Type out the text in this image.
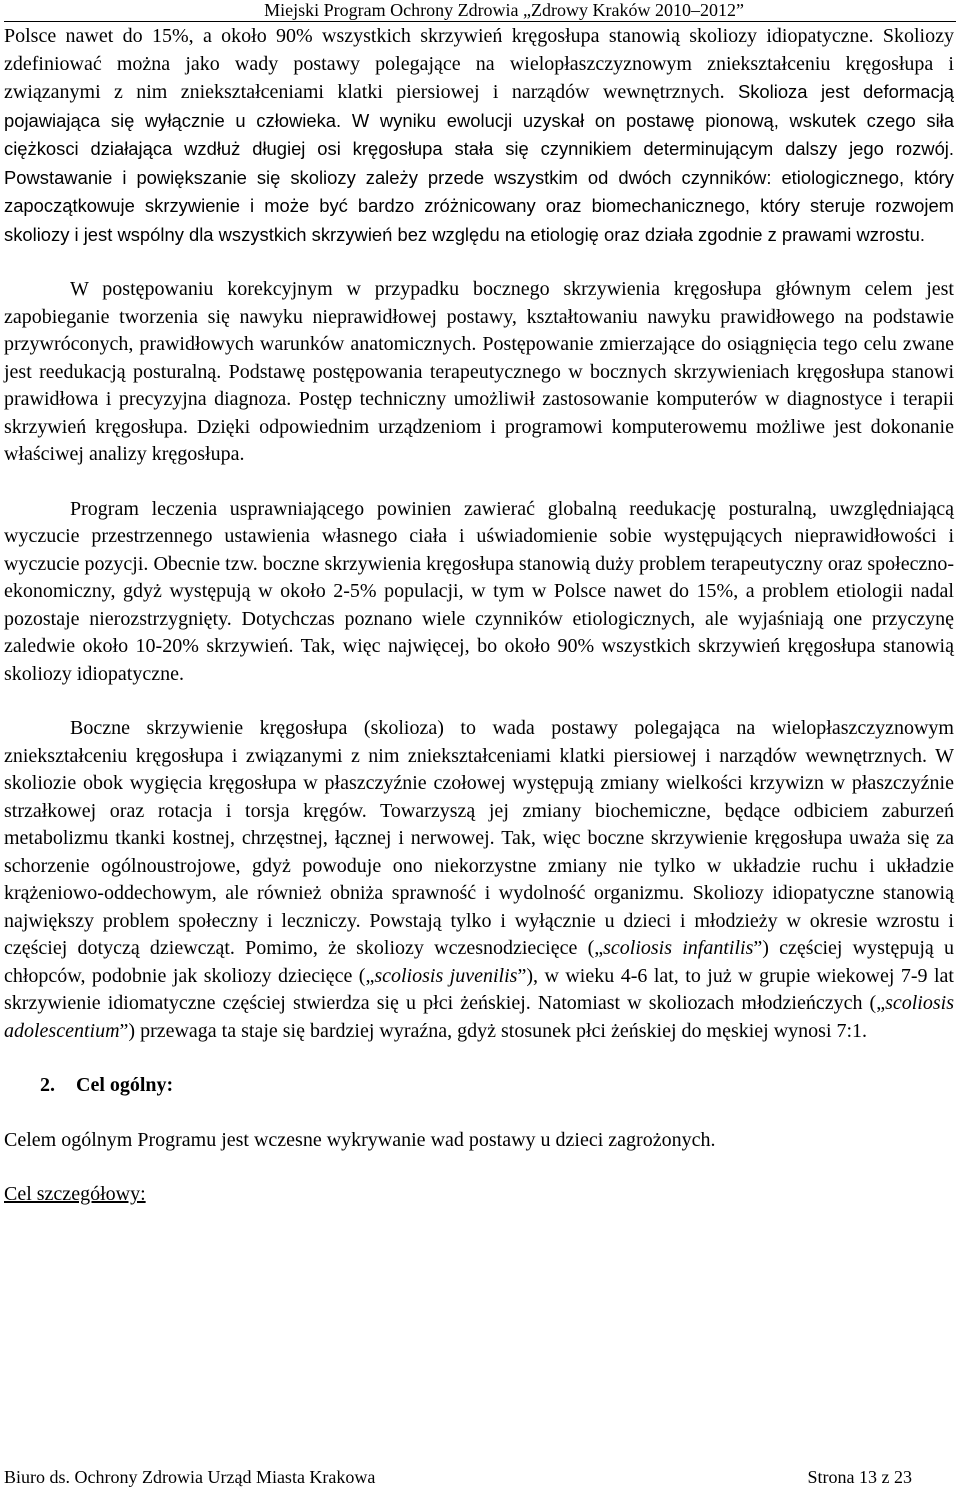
Miejski Program Ochrony Zdrowia „Zdrowy Kraków 2010–2012”

Polsce nawet do 15%, a około 90% wszystkich skrzywień kręgosłupa stanowią skoliozy idiopatyczne. Skoliozy zdefiniować można jako wady postawy polegające na wielopłaszczyznowym zniekształceniu kręgosłupa i związanymi z nim zniekształceniami klatki piersiowej i narządów wewnętrznych. Skolioza jest deformacją pojawiająca się wyłącznie u człowieka. W wyniku ewolucji uzyskał on postawę pionową, wskutek czego siła ciężkosci działająca wzdłuż długiej osi kręgosłupa stała się czynnikiem determinującym dalszy jego rozwój. Powstawanie i powiększanie się skoliozy zależy przede wszystkim od dwóch czynników: etiologicznego, który zapoczątkowuje skrzywienie i może być bardzo zróżnicowany oraz biomechanicznego, który steruje rozwojem skoliozy i jest wspólny dla wszystkich skrzywień bez względu na etiologię oraz działa zgodnie z prawami wzrostu.

W postępowaniu korekcyjnym w przypadku bocznego skrzywienia kręgosłupa głównym celem jest zapobieganie tworzenia się nawyku nieprawidłowej postawy, kształtowaniu nawyku prawidłowego na podstawie przywróconych, prawidłowych warunków anatomicznych. Postępowanie zmierzające do osiągnięcia tego celu zwane jest reedukacją posturalną. Podstawę postępowania terapeutycznego w bocznych skrzywieniach kręgosłupa stanowi prawidłowa i precyzyjna diagnoza. Postęp techniczny umożliwił zastosowanie komputerów w diagnostyce i terapii skrzywień kręgosłupa. Dzięki odpowiednim urządzeniom i programowi komputerowemu możliwe jest dokonanie właściwej analizy kręgosłupa.

Program leczenia usprawniającego powinien zawierać globalną reedukację posturalną, uwzględniającą wyczucie przestrzennego ustawienia własnego ciała i uświadomienie sobie występujących nieprawidłowości i wyczucie pozycji. Obecnie tzw. boczne skrzywienia kręgosłupa stanowią duży problem terapeutyczny oraz społeczno-ekonomiczny, gdyż występują w około 2-5% populacji, w tym w Polsce nawet do 15%, a problem etiologii nadal pozostaje nierozstrzygnięty. Dotychczas poznano wiele czynników etiologicznych, ale wyjaśniają one przyczynę zaledwie około 10-20% skrzywień. Tak, więc najwięcej, bo około 90% wszystkich skrzywień kręgosłupa stanowią skoliozy idiopatyczne.

Boczne skrzywienie kręgosłupa (skolioza) to wada postawy polegająca na wielopłaszczyznowym zniekształceniu kręgosłupa i związanymi z nim zniekształceniami klatki piersiowej i narządów wewnętrznych. W skoliozie obok wygięcia kręgosłupa w płaszczyźnie czołowej występują zmiany wielkości krzywizn w płaszczyźnie strzałkowej oraz rotacja i torsja kręgów. Towarzyszą jej zmiany biochemiczne, będące odbiciem zaburzeń metabolizmu tkanki kostnej, chrzęstnej, łącznej i nerwowej. Tak, więc boczne skrzywienie kręgosłupa uważa się za schorzenie ogólnoustrojowe, gdyż powoduje ono niekorzystne zmiany nie tylko w układzie ruchu i układzie krążeniowo-oddechowym, ale również obniża sprawność i wydolność organizmu. Skoliozy idiopatyczne stanowią największy problem społeczny i leczniczy. Powstają tylko i wyłącznie u dzieci i młodzieży w okresie wzrostu i częściej dotyczą dziewcząt. Pomimo, że skoliozy wczesnodziecięce („scoliosis infantilis”) częściej występują u chłopców, podobnie jak skoliozy dziecięce („scoliosis juvenilis”), w wieku 4-6 lat, to już w grupie wiekowej 7-9 lat skrzywienie idiomatyczne częściej stwierdza się u płci żeńskiej. Natomiast w skoliozach młodzieńczych („scoliosis adolescentium”) przewaga ta staje się bardziej wyraźna, gdyż stosunek płci żeńskiej do męskiej wynosi 7:1.

2. Cel ogólny:

Celem ogólnym Programu jest wczesne wykrywanie wad postawy u dzieci zagrożonych.

Cel szczegółowy:

Biuro ds. Ochrony Zdrowia Urząd Miasta Krakowa	Strona 13 z 23
